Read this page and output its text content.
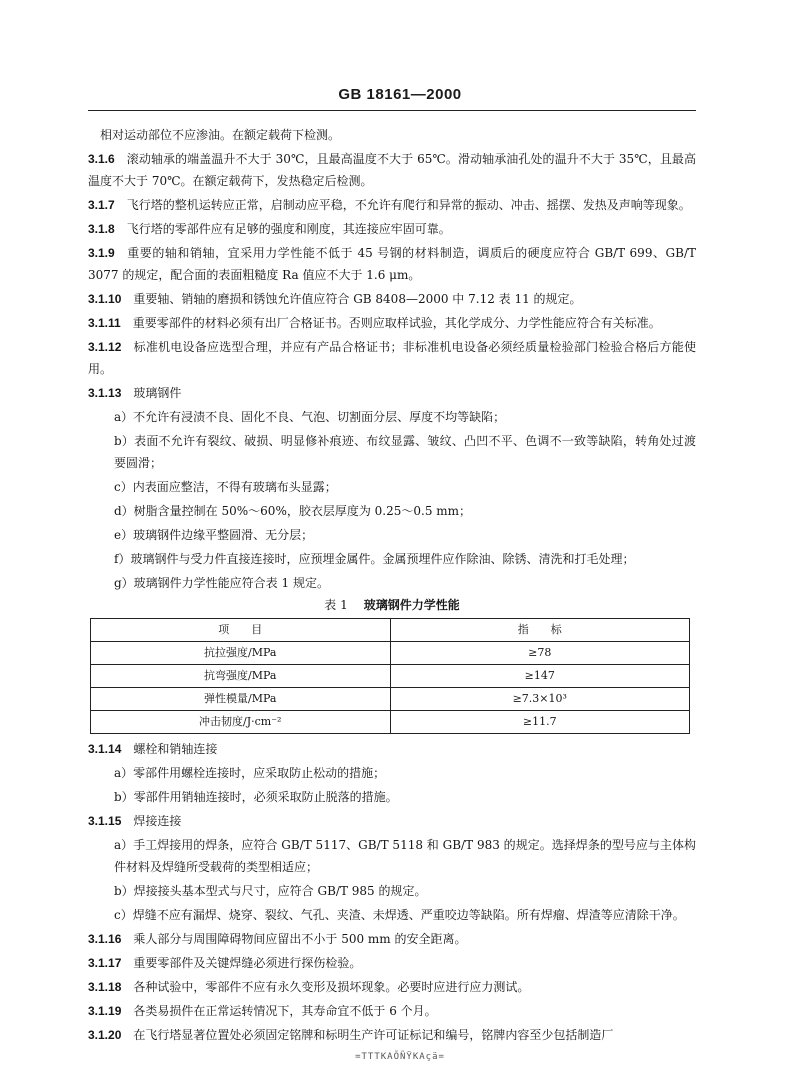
GB 18161—2000

相对运动部位不应渗油。在额定载荷下检测。

3.1.6 滚动轴承的端盖温升不大于 30℃，且最高温度不大于 65℃。滑动轴承油孔处的温升不大于 35℃，且最高温度不大于 70℃。在额定载荷下，发热稳定后检测。

3.1.7 飞行塔的整机运转应正常，启制动应平稳，不允许有爬行和异常的振动、冲击、摇摆、发热及声响等现象。

3.1.8 飞行塔的零部件应有足够的强度和刚度，其连接应牢固可靠。

3.1.9 重要的轴和销轴，宜采用力学性能不低于 45 号钢的材料制造，调质后的硬度应符合 GB/T 699、GB/T 3077 的规定，配合面的表面粗糙度 Ra 值应不大于 1.6 μm。

3.1.10 重要轴、销轴的磨损和锈蚀允许值应符合 GB 8408—2000 中 7.12 表 11 的规定。

3.1.11 重要零部件的材料必须有出厂合格证书。否则应取样试验，其化学成分、力学性能应符合有关标准。

3.1.12 标准机电设备应选型合理，并应有产品合格证书；非标准机电设备必须经质量检验部门检验合格后方能使用。

3.1.13 玻璃钢件

a）不允许有浸渍不良、固化不良、气泡、切割面分层、厚度不均等缺陷；

b）表面不允许有裂纹、破损、明显修补痕迹、布纹显露、皱纹、凸凹不平、色调不一致等缺陷，转角处过渡要圆滑；

c）内表面应整洁，不得有玻璃布头显露；

d）树脂含量控制在 50%～60%，胶衣层厚度为 0.25～0.5 mm；

e）玻璃钢件边缘平整圆滑、无分层；

f）玻璃钢件与受力件直接连接时，应预埋金属件。金属预埋件应作除油、除锈、清洗和打毛处理；

g）玻璃钢件力学性能应符合表 1 规定。

表 1 玻璃钢件力学性能
项　　目	指　　标
抗拉强度/MPa	≥78
抗弯强度/MPa	≥147
弹性模量/MPa	≥7.3×10³
冲击韧度/J·cm⁻²	≥11.7

3.1.14 螺栓和销轴连接

a）零部件用螺栓连接时，应采取防止松动的措施；

b）零部件用销轴连接时，必须采取防止脱落的措施。

3.1.15 焊接连接

a）手工焊接用的焊条，应符合 GB/T 5117、GB/T 5118 和 GB/T 983 的规定。选择焊条的型号应与主体构件材料及焊缝所受载荷的类型相适应；

b）焊接接头基本型式与尺寸，应符合 GB/T 985 的规定。

c）焊缝不应有漏焊、烧穿、裂纹、气孔、夹渣、未焊透、严重咬边等缺陷。所有焊瘤、焊渣等应清除干净。

3.1.16 乘人部分与周围障碍物间应留出不小于 500 mm 的安全距离。

3.1.17 重要零部件及关键焊缝必须进行探伤检验。

3.1.18 各种试验中，零部件不应有永久变形及损坏现象。必要时应进行应力测试。

3.1.19 各类易损件在正常运转情况下，其寿命宜不低于 6 个月。

3.1.20 在飞行塔显著位置处必须固定铭牌和标明生产许可证标记和编号，铭牌内容至少包括制造厂

=TTTKAÕÑŸKAçä=
